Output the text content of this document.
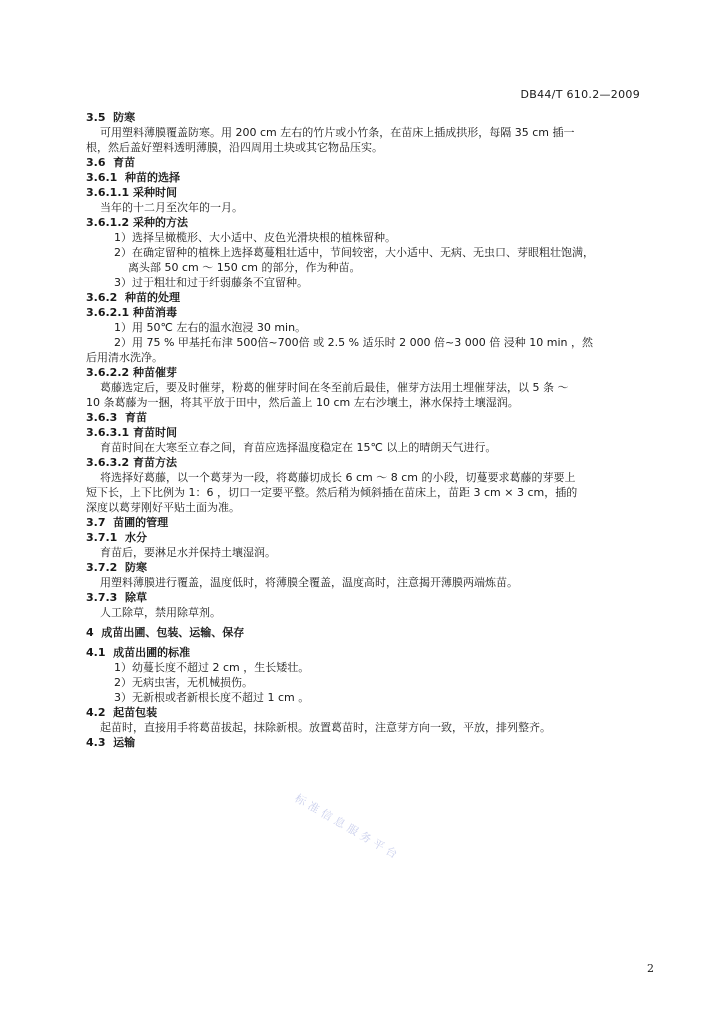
DB44/T 610.2—2009
3.5  防寒
可用塑料薄膜覆盖防寒。用 200 cm 左右的竹片或小竹条，在苗床上插成拱形，每隔 35 cm 插一
根，然后盖好塑料透明薄膜，沿四周用土块或其它物品压实。
3.6  育苗
3.6.1  种苗的选择
3.6.1.1 采种时间
当年的十二月至次年的一月。
3.6.1.2 采种的方法
1）选择呈橄榄形、大小适中、皮色光滑块根的植株留种。
2）在确定留种的植株上选择葛蔓粗壮适中，节间较密，大小适中、无病、无虫口、芽眼粗壮饱满，
离头部 50 cm ～ 150 cm 的部分，作为种苗。
3）过于粗壮和过于纤弱藤条不宜留种。
3.6.2  种苗的处理
3.6.2.1 种苗消毒
1）用 50℃ 左右的温水泡浸 30 min。
2）用 75 % 甲基托布津 500倍~700倍 或 2.5 % 适乐时 2 000 倍~3 000 倍 浸种 10 min ，然
后用清水洗净。
3.6.2.2 种苗催芽
葛藤选定后，要及时催芽，粉葛的催芽时间在冬至前后最佳，催芽方法用土埋催芽法，以 5 条 ～
10 条葛藤为一捆，将其平放于田中，然后盖上 10 cm 左右沙壤土，淋水保持土壤湿润。
3.6.3  育苗
3.6.3.1 育苗时间
育苗时间在大寒至立春之间，育苗应选择温度稳定在 15℃ 以上的晴朗天气进行。
3.6.3.2 育苗方法
将选择好葛藤，以一个葛芽为一段，将葛藤切成长 6 cm ～ 8 cm 的小段，切蔓要求葛藤的芽要上
短下长，上下比例为 1：6 ，切口一定要平整。然后稍为倾斜插在苗床上，苗距 3 cm × 3 cm，插的
深度以葛芽刚好平贴土面为准。
3.7  苗圃的管理
3.7.1  水分
育苗后，要淋足水并保持土壤湿润。
3.7.2  防寒
用塑料薄膜进行覆盖，温度低时，将薄膜全覆盖，温度高时，注意揭开薄膜两端炼苗。
3.7.3  除草
人工除草，禁用除草剂。
4  成苗出圃、包装、运输、保存
4.1  成苗出圃的标准
1）幼蔓长度不超过 2 cm ，生长矮壮。
2）无病虫害，无机械损伤。
3）无新根或者新根长度不超过 1 cm 。
4.2  起苗包装
起苗时，直接用手将葛苗拔起，抹除新根。放置葛苗时，注意芽方向一致，平放，排列整齐。
4.3  运输
标准信息服务平台
2
